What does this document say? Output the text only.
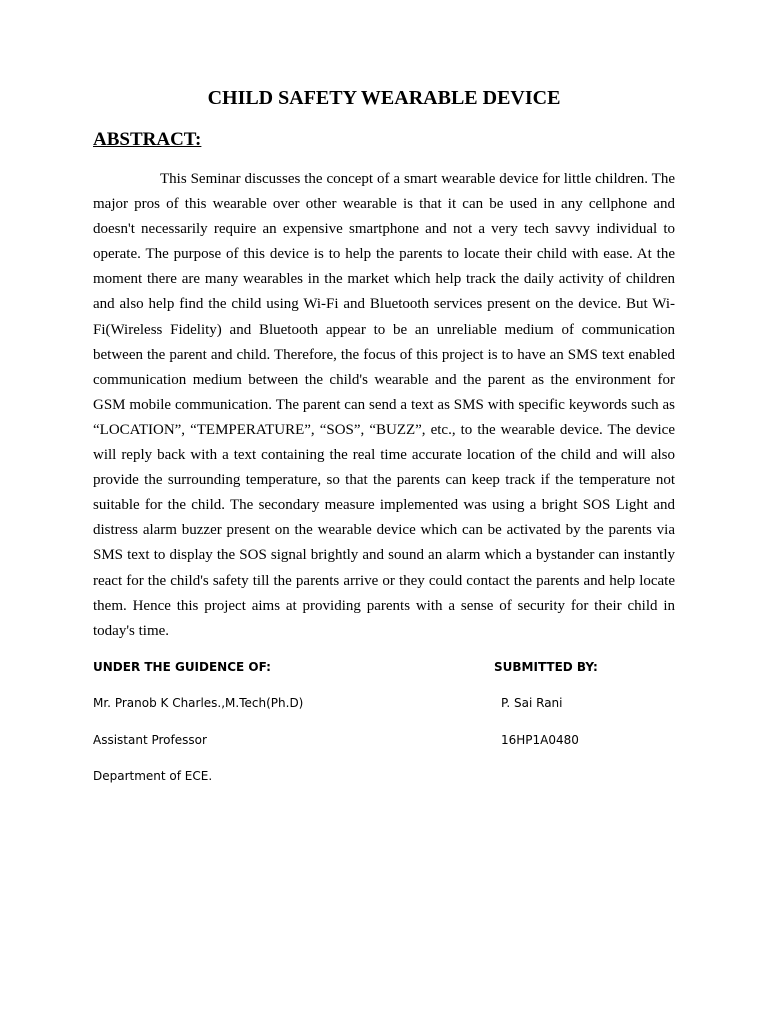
CHILD SAFETY WEARABLE DEVICE
ABSTRACT:

This Seminar discusses the concept of a smart wearable device for little children. The major pros of this wearable over other wearable is that it can be used in any cellphone and doesn't necessarily require an expensive smartphone and not a very tech savvy individual to operate. The purpose of this device is to help the parents to locate their child with ease. At the moment there are many wearables in the market which help track the daily activity of children and also help find the child using Wi-Fi and Bluetooth services present on the device. But Wi-Fi(Wireless Fidelity) and Bluetooth appear to be an unreliable medium of communication between the parent and child. Therefore, the focus of this project is to have an SMS text enabled communication medium between the child's wearable and the parent as the environment for GSM mobile communication. The parent can send a text as SMS with specific keywords such as “LOCATION”, “TEMPERATURE”, “SOS”, “BUZZ”, etc., to the wearable device. The device will reply back with a text containing the real time accurate location of the child and will also provide the surrounding temperature, so that the parents can keep track if the temperature not suitable for the child. The secondary measure implemented was using a bright SOS Light and distress alarm buzzer present on the wearable device which can be activated by the parents via SMS text to display the SOS signal brightly and sound an alarm which a bystander can instantly react for the child's safety till the parents arrive or they could contact the parents and help locate them. Hence this project aims at providing parents with a sense of security for their child in today's time.

UNDER THE GUIDENCE OF:	SUBMITTED BY:
Mr. Pranob K Charles.,M.Tech(Ph.D)	P. Sai Rani
Assistant Professor	16HP1A0480
Department of ECE.
